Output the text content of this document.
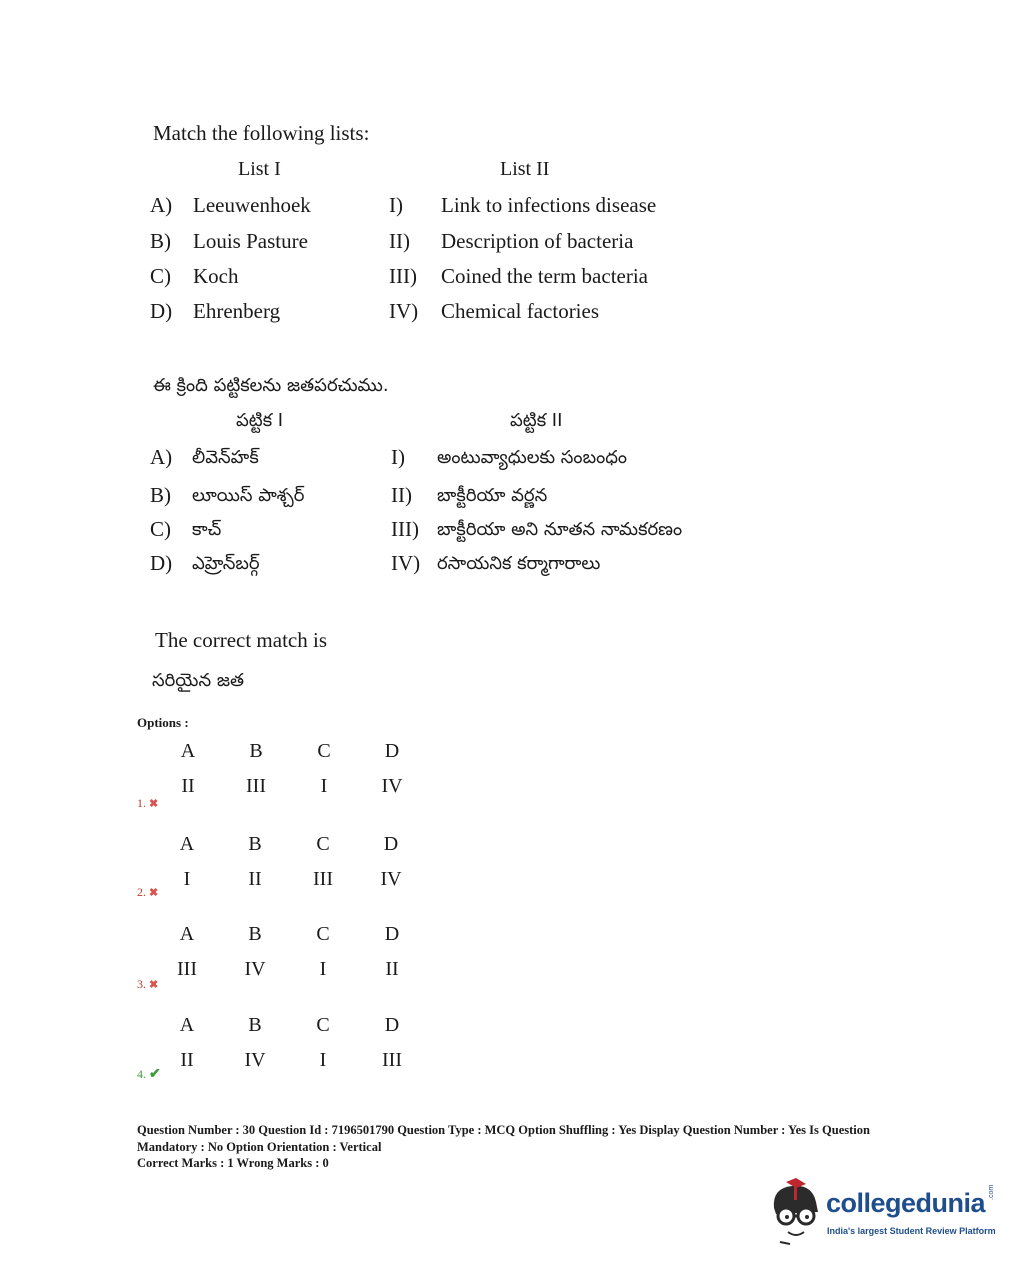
Match the following lists:
List I	List II
A) Leeuwenhoek	I) Link to infections disease
B) Louis Pasture	II) Description of bacteria
C) Koch	III) Coined the term bacteria
D) Ehrenberg	IV) Chemical factories
ఈ క్రింది పట్టికలను జతపరచుము.
పట్టిక I	పట్టిక II
A) లీవెన్‌హక్	I) అంటువ్యాధులకు సంబంధం
B) లూయిస్ పాశ్చర్	II) బాక్టీరియా వర్ణన
C) కాచ్	III) బాక్టీరియా అని నూతన నామకరణం
D) ఎహ్రెన్‌బర్గ్	IV) రసాయనిక కర్మాగారాలు
The correct match is
సరియైన జత
Options :
A	B	C	D
II	III	I	IV
1. ✖
A	B	C	D
I	II	III	IV
2. ✖
A	B	C	D
III	IV	I	II
3. ✖
A	B	C	D
II	IV	I	III
4. ✔
Question Number : 30 Question Id : 7196501790 Question Type : MCQ Option Shuffling : Yes Display Question Number : Yes Is Question Mandatory : No Option Orientation : Vertical
Correct Marks : 1 Wrong Marks : 0
collegedunia .com
India's largest Student Review Platform
